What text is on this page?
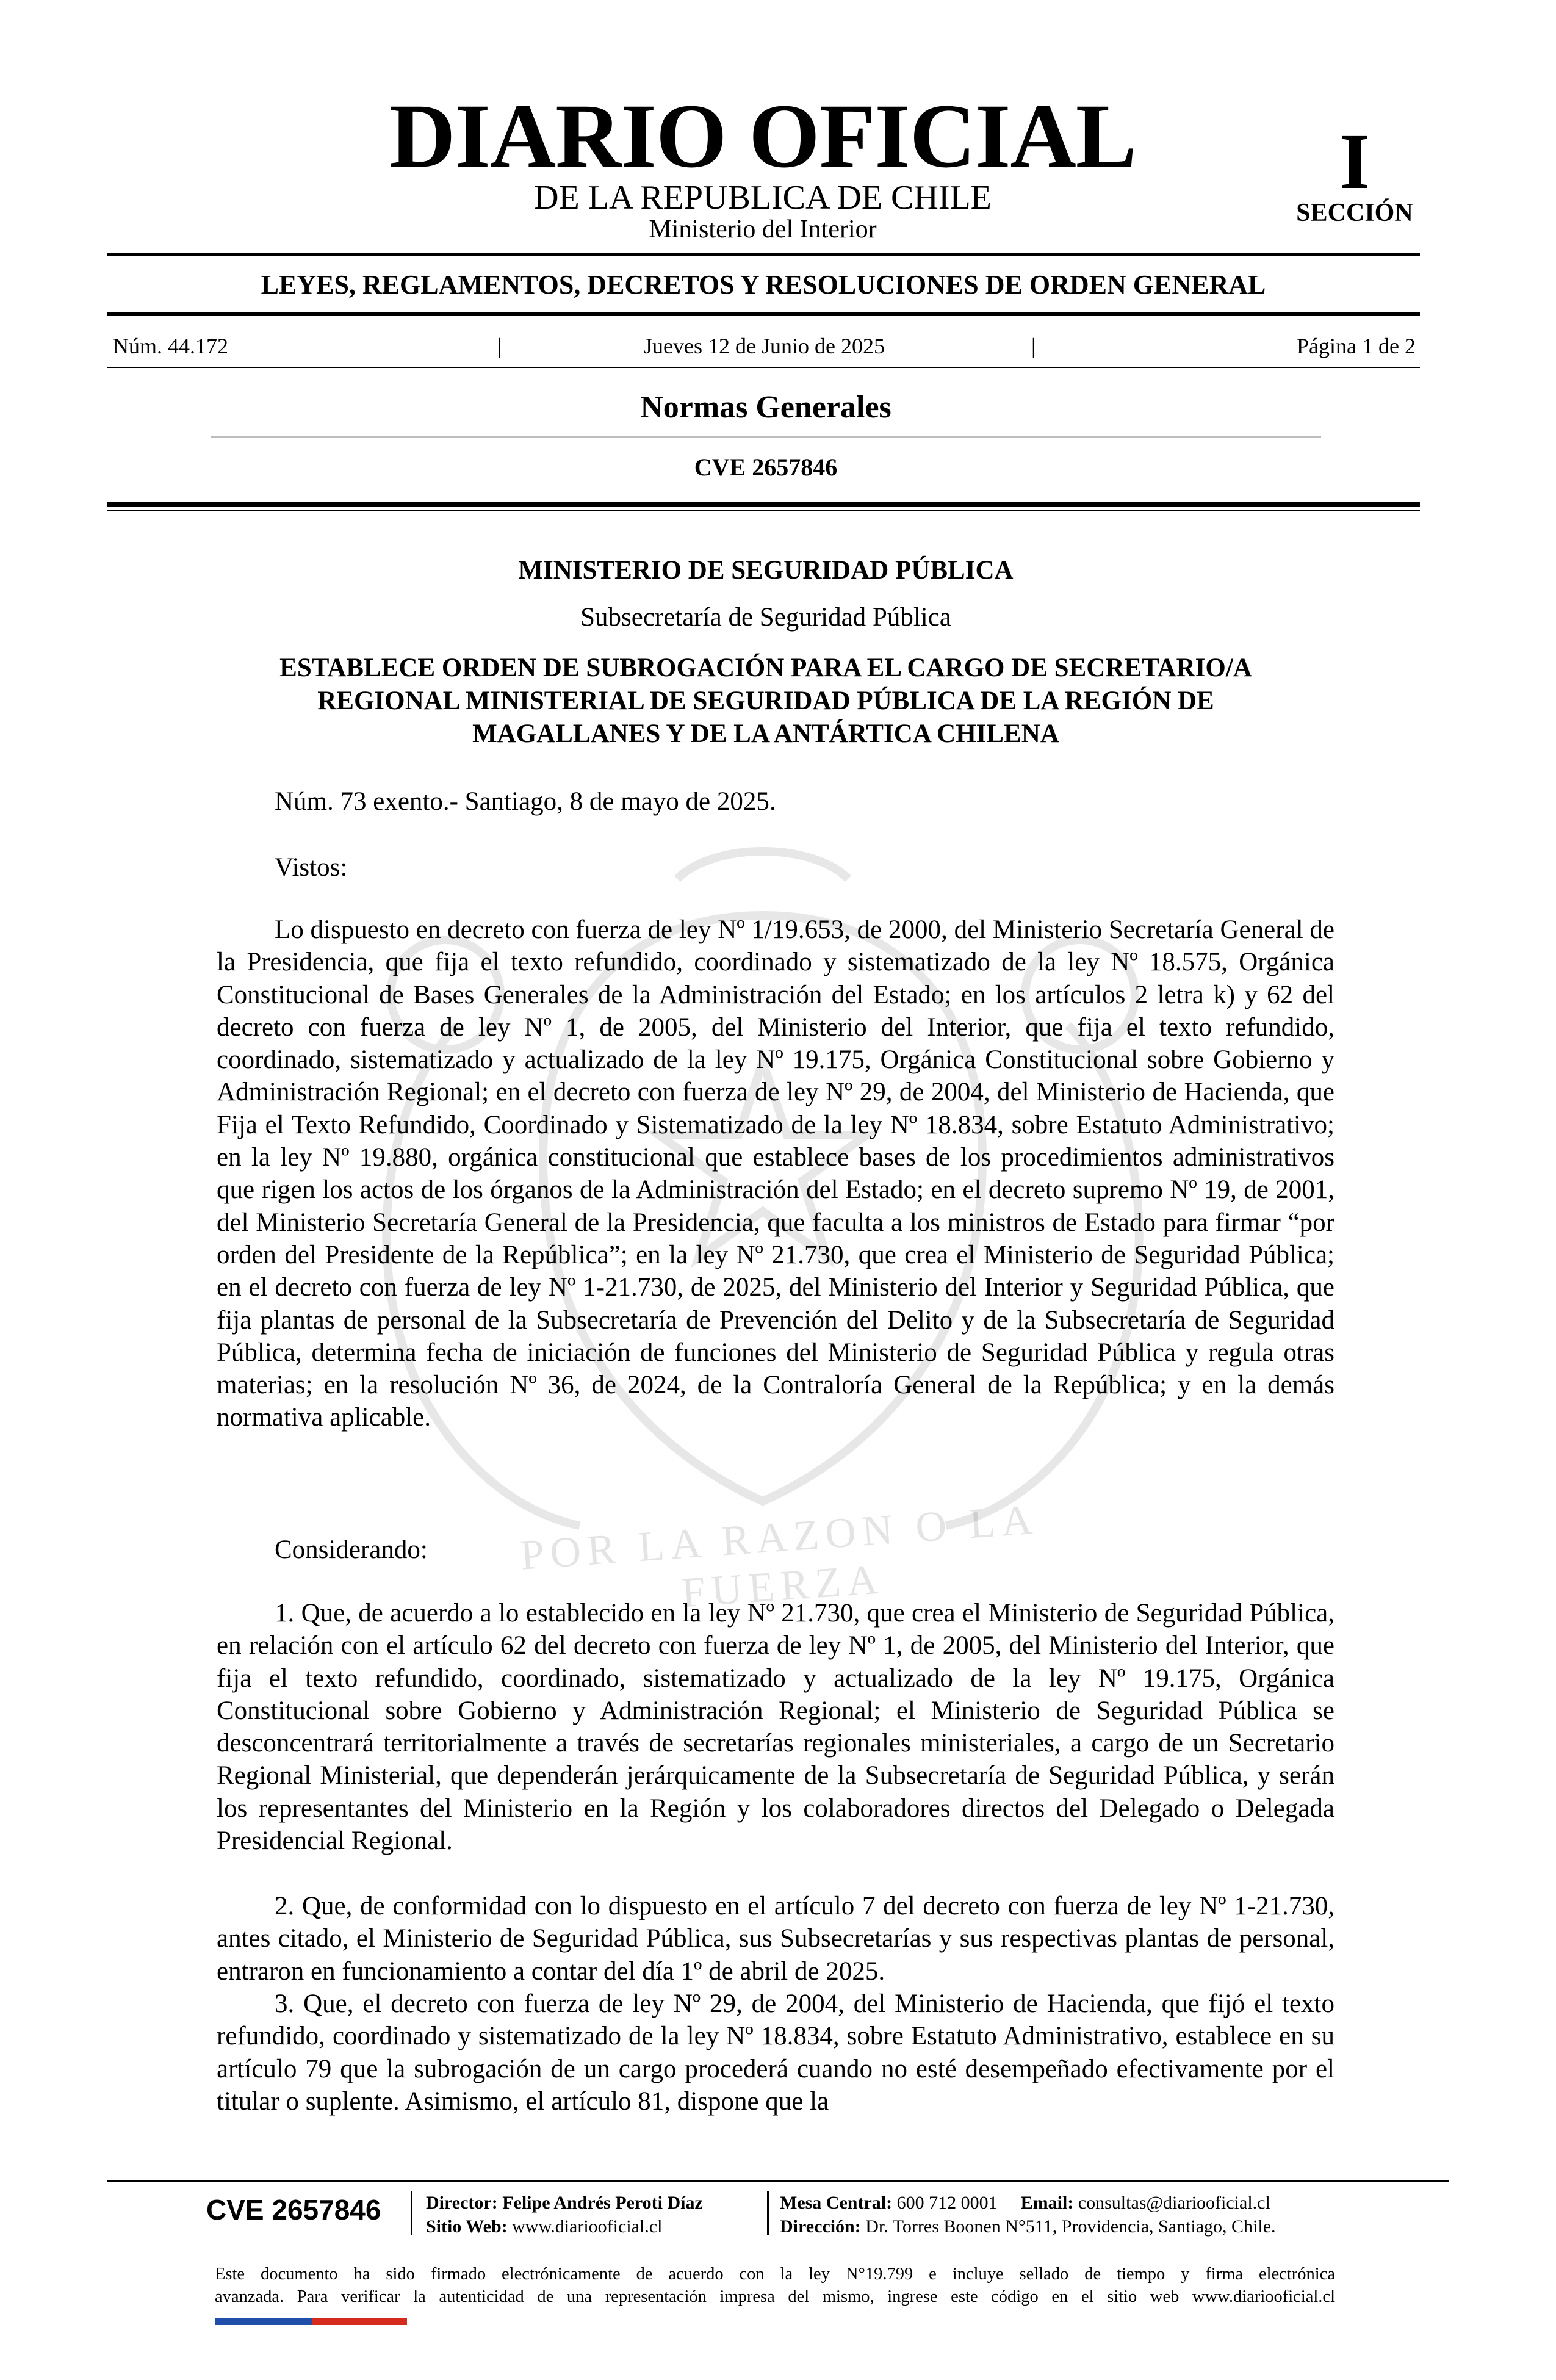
DIARIO OFICIAL
DE LA REPUBLICA DE CHILE
Ministerio del Interior
I
SECCIÓN
LEYES, REGLAMENTOS, DECRETOS Y RESOLUCIONES DE ORDEN GENERAL
Núm. 44.172	|	Jueves 12 de Junio de 2025	|	Página 1 de 2
Normas Generales
CVE 2657846
POR LA RAZON O LA FUERZA
MINISTERIO DE SEGURIDAD PÚBLICA
Subsecretaría de Seguridad Pública
ESTABLECE ORDEN DE SUBROGACIÓN PARA EL CARGO DE SECRETARIO/A
REGIONAL MINISTERIAL DE SEGURIDAD PÚBLICA DE LA REGIÓN DE
MAGALLANES Y DE LA ANTÁRTICA CHILENA
Núm. 73 exento.- Santiago, 8 de mayo de 2025.
Vistos:
Lo dispuesto en decreto con fuerza de ley Nº 1/19.653, de 2000, del Ministerio Secretaría General de la Presidencia, que fija el texto refundido, coordinado y sistematizado de la ley Nº 18.575, Orgánica Constitucional de Bases Generales de la Administración del Estado; en los artículos 2 letra k) y 62 del decreto con fuerza de ley Nº 1, de 2005, del Ministerio del Interior, que fija el texto refundido, coordinado, sistematizado y actualizado de la ley Nº 19.175, Orgánica Constitucional sobre Gobierno y Administración Regional; en el decreto con fuerza de ley Nº 29, de 2004, del Ministerio de Hacienda, que Fija el Texto Refundido, Coordinado y Sistematizado de la ley Nº 18.834, sobre Estatuto Administrativo; en la ley Nº 19.880, orgánica constitucional que establece bases de los procedimientos administrativos que rigen los actos de los órganos de la Administración del Estado; en el decreto supremo Nº 19, de 2001, del Ministerio Secretaría General de la Presidencia, que faculta a los ministros de Estado para firmar “por orden del Presidente de la República”; en la ley Nº 21.730, que crea el Ministerio de Seguridad Pública; en el decreto con fuerza de ley Nº 1-21.730, de 2025, del Ministerio del Interior y Seguridad Pública, que fija plantas de personal de la Subsecretaría de Prevención del Delito y de la Subsecretaría de Seguridad Pública, determina fecha de iniciación de funciones del Ministerio de Seguridad Pública y regula otras materias; en la resolución Nº 36, de 2024, de la Contraloría General de la República; y en la demás normativa aplicable.
Considerando:
1. Que, de acuerdo a lo establecido en la ley Nº 21.730, que crea el Ministerio de Seguridad Pública, en relación con el artículo 62 del decreto con fuerza de ley Nº 1, de 2005, del Ministerio del Interior, que fija el texto refundido, coordinado, sistematizado y actualizado de la ley Nº 19.175, Orgánica Constitucional sobre Gobierno y Administración Regional; el Ministerio de Seguridad Pública se desconcentrará territorialmente a través de secretarías regionales ministeriales, a cargo de un Secretario Regional Ministerial, que dependerán jerárquicamente de la Subsecretaría de Seguridad Pública, y serán los representantes del Ministerio en la Región y los colaboradores directos del Delegado o Delegada Presidencial Regional.
2. Que, de conformidad con lo dispuesto en el artículo 7 del decreto con fuerza de ley Nº 1-21.730, antes citado, el Ministerio de Seguridad Pública, sus Subsecretarías y sus respectivas plantas de personal, entraron en funcionamiento a contar del día 1º de abril de 2025.
3. Que, el decreto con fuerza de ley Nº 29, de 2004, del Ministerio de Hacienda, que fijó el texto refundido, coordinado y sistematizado de la ley Nº 18.834, sobre Estatuto Administrativo, establece en su artículo 79 que la subrogación de un cargo procederá cuando no esté desempeñado efectivamente por el titular o suplente. Asimismo, el artículo 81, dispone que la
CVE 2657846 Director: Felipe Andrés Peroti Díaz
Sitio Web: www.diariooficial.cl
Mesa Central: 600 712 0001 Email: consultas@diariooficial.cl
Dirección: Dr. Torres Boonen N°511, Providencia, Santiago, Chile.
Este documento ha sido firmado electrónicamente de acuerdo con la ley N°19.799 e incluye sellado de tiempo y firma electrónica
avanzada. Para verificar la autenticidad de una representación impresa del mismo, ingrese este código en el sitio web www.diariooficial.cl
